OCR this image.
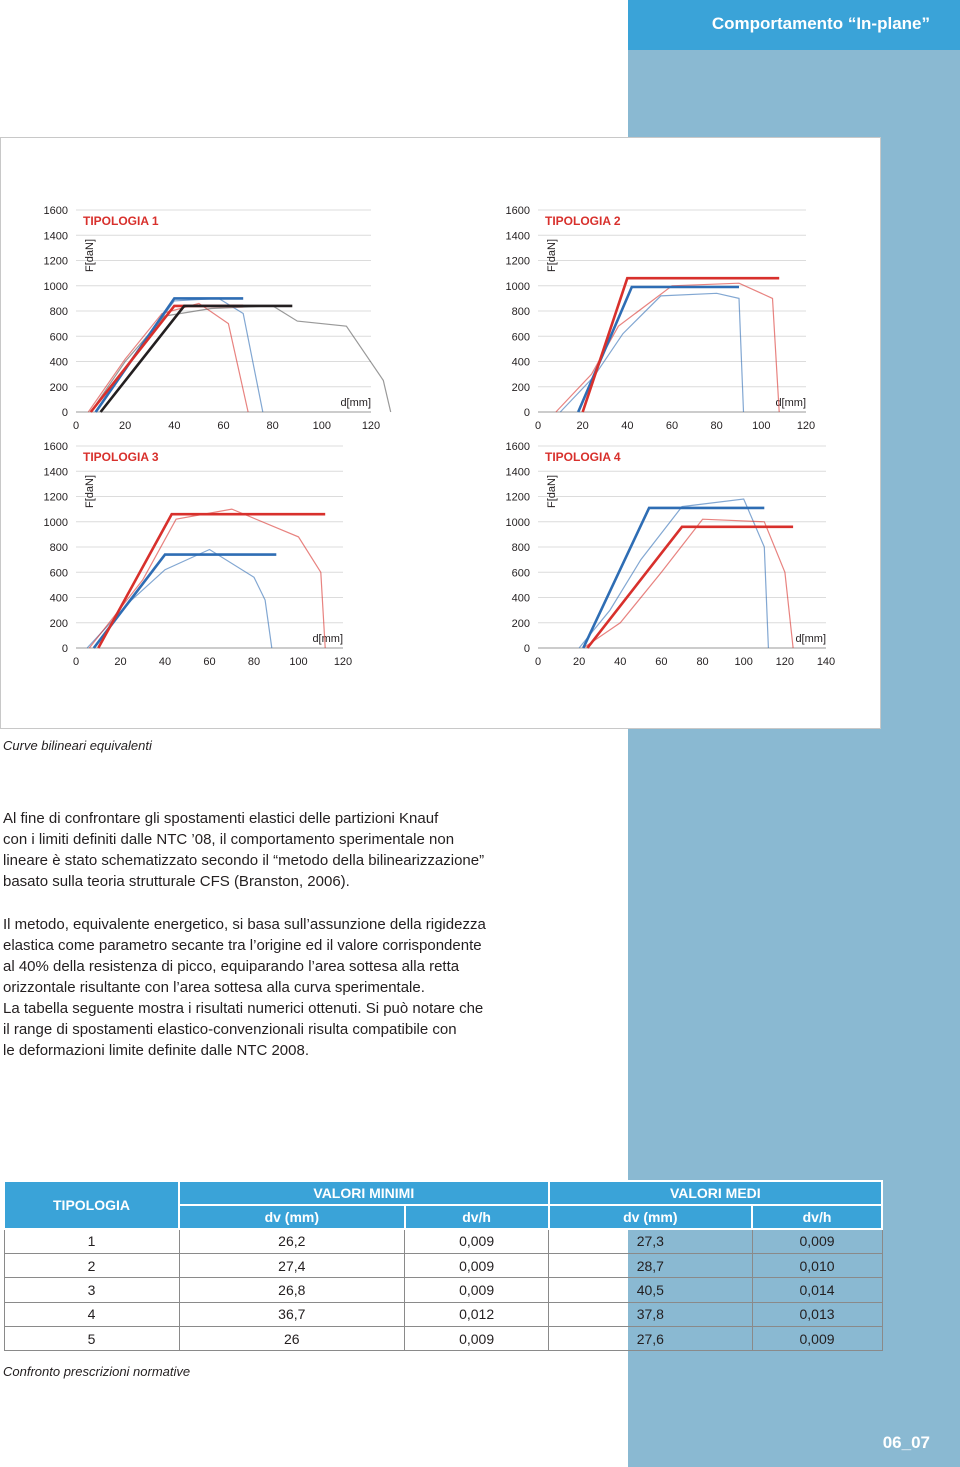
Comportamento “In-plane”
0
200
400
600
800
1000
1200
1400
1600
0	20	40	60	80	100	120
TIPOLOGIA 1
F[daN]
d[mm]
0
200
400
600
800
1000
1200
1400
1600
0	20	40	60	80	100 120
TIPOLOGIA 2
F[daN]
d[mm]
0
200
400
600
800
1000
1200
1400
1600
0	20	40	60	80	100 120
TIPOLOGIA 3
F[daN]
d[mm]
0
200
400
600
800
1000
1200
1400
1600
0	20	40	60	80 100 120 140
TIPOLOGIA 4
F[daN]
d[mm]
Curve bilineari equivalenti
Al fine di confrontare gli spostamenti elastici delle partizioni Knauf
con i limiti definiti dalle NTC ’08, il comportamento sperimentale non
lineare è stato schematizzato secondo il “metodo della bilinearizzazione”
basato sulla teoria strutturale CFS (Branston, 2006).
Il metodo, equivalente energetico, si basa sull’assunzione della rigidezza
elastica come parametro secante tra l’origine ed il valore corrispondente
al 40% della resistenza di picco, equiparando l’area sottesa alla retta
orizzontale risultante con l’area sottesa alla curva sperimentale.
La tabella seguente mostra i risultati numerici ottenuti. Si può notare che
il range di spostamenti elastico-convenzionali risulta compatibile con
le deformazioni limite definite dalle NTC 2008.
TIPOLOGIA	VALORI MINIMI		VALORI MEDI	
	dv (mm)	dv/h	dv (mm)	dv/h
1	26,2	0,009	27,3	0,009
2	27,4	0,009	28,7	0,010
3	26,8	0,009	40,5	0,014
4	36,7	0,012	37,8	0,013
5	26	0,009	27,6	0,009
Confronto prescrizioni normative
06_07
